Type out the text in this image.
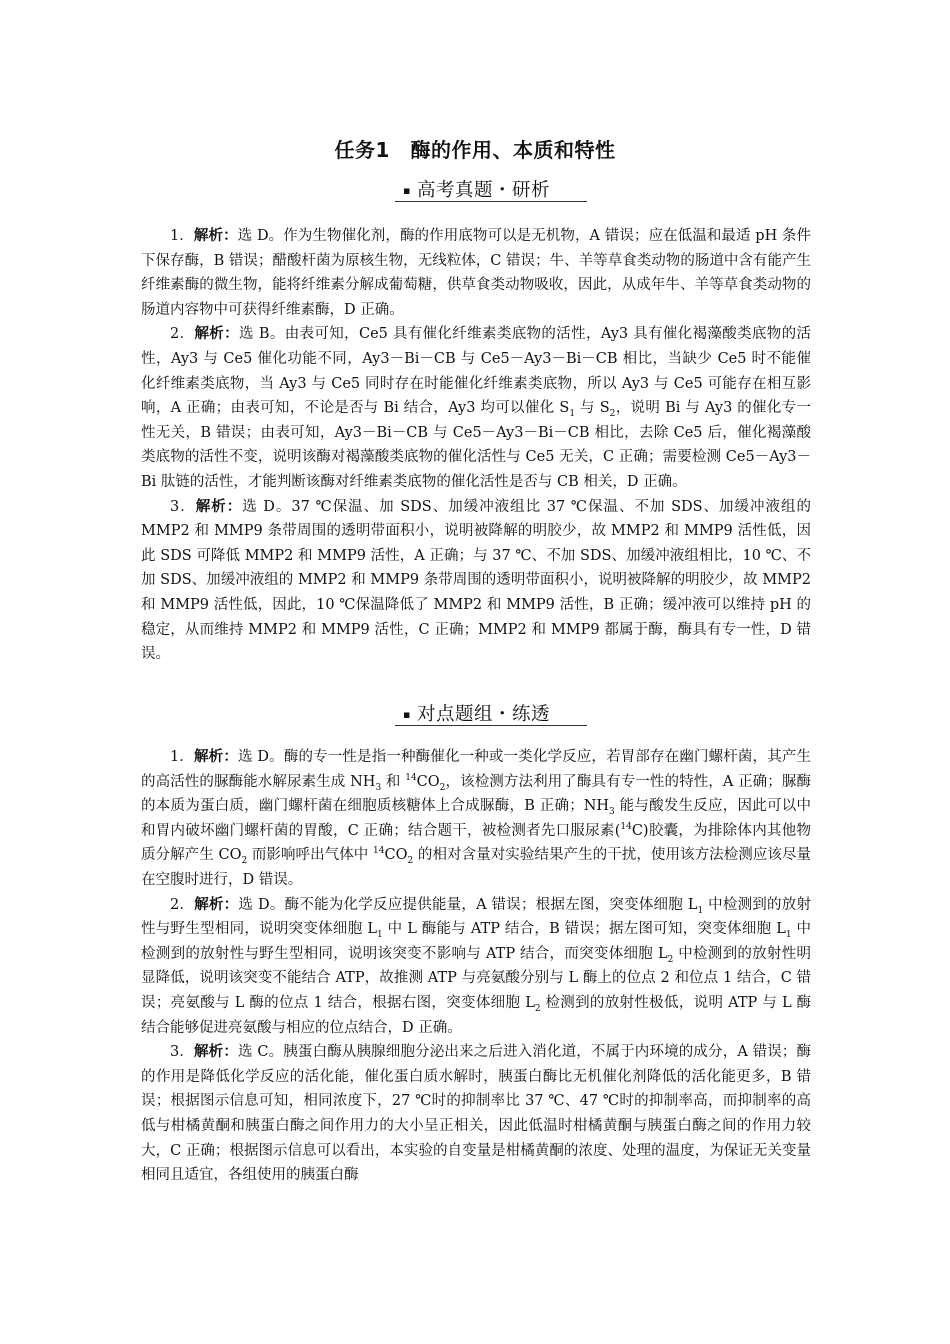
任务1　酶的作用、本质和特性
▪ 高考真题・研析

1．解析：选 D。作为生物催化剂，酶的作用底物可以是无机物，A 错误；应在低温和最适 pH 条件下保存酶，B 错误；醋酸杆菌为原核生物，无线粒体，C 错误；牛、羊等草食类动物的肠道中含有能产生纤维素酶的微生物，能将纤维素分解成葡萄糖，供草食类动物吸收，因此，从成年牛、羊等草食类动物的肠道内容物中可获得纤维素酶，D 正确。

2．解析：选 B。由表可知，Ce5 具有催化纤维素类底物的活性，Ay3 具有催化褐藻酸类底物的活性，Ay3 与 Ce5 催化功能不同，Ay3－Bi－CB 与 Ce5－Ay3－Bi－CB 相比，当缺少 Ce5 时不能催化纤维素类底物，当 Ay3 与 Ce5 同时存在时能催化纤维素类底物，所以 Ay3 与 Ce5 可能存在相互影响，A 正确；由表可知，不论是否与 Bi 结合，Ay3 均可以催化 $S_1$ 与 $S_2$，说明 Bi 与 Ay3 的催化专一性无关，B 错误；由表可知，Ay3－Bi－CB 与 Ce5－Ay3－Bi－CB 相比，去除 Ce5 后，催化褐藻酸类底物的活性不变，说明该酶对褐藻酸类底物的催化活性与 Ce5 无关，C 正确；需要检测 Ce5－Ay3－Bi 肽链的活性，才能判断该酶对纤维素类底物的催化活性是否与 CB 相关，D 正确。

3．解析：选 D。37 ℃保温、加 SDS、加缓冲液组比 37 ℃保温、不加 SDS、加缓冲液组的 MMP2 和 MMP9 条带周围的透明带面积小，说明被降解的明胶少，故 MMP2 和 MMP9 活性低，因此 SDS 可降低 MMP2 和 MMP9 活性，A 正确；与 37 ℃、不加 SDS、加缓冲液组相比，10 ℃、不加 SDS、加缓冲液组的 MMP2 和 MMP9 条带周围的透明带面积小，说明被降解的明胶少，故 MMP2 和 MMP9 活性低，因此，10 ℃保温降低了 MMP2 和 MMP9 活性，B 正确；缓冲液可以维持 pH 的稳定，从而维持 MMP2 和 MMP9 活性，C 正确；MMP2 和 MMP9 都属于酶，酶具有专一性，D 错误。

▪ 对点题组・练透

1．解析：选 D。酶的专一性是指一种酶催化一种或一类化学反应，若胃部存在幽门螺杆菌，其产生的高活性的脲酶能水解尿素生成 $NH_3$ 和 $^{14}CO_2$，该检测方法利用了酶具有专一性的特性，A 正确；脲酶的本质为蛋白质，幽门螺杆菌在细胞质核糖体上合成脲酶，B 正确；$NH_3$ 能与酸发生反应，因此可以中和胃内破坏幽门螺杆菌的胃酸，C 正确；结合题干，被检测者先口服尿素($^{14}$C)胶囊，为排除体内其他物质分解产生 $CO_2$ 而影响呼出气体中 $^{14}CO_2$ 的相对含量对实验结果产生的干扰，使用该方法检测应该尽量在空腹时进行，D 错误。

2．解析：选 D。酶不能为化学反应提供能量，A 错误；根据左图，突变体细胞 $L_1$ 中检测到的放射性与野生型相同，说明突变体细胞 $L_1$ 中 L 酶能与 ATP 结合，B 错误；据左图可知，突变体细胞 $L_1$ 中检测到的放射性与野生型相同，说明该突变不影响与 ATP 结合，而突变体细胞 $L_2$ 中检测到的放射性明显降低，说明该突变不能结合 ATP，故推测 ATP 与亮氨酸分别与 L 酶上的位点 2 和位点 1 结合，C 错误；亮氨酸与 L 酶的位点 1 结合，根据右图，突变体细胞 $L_2$ 检测到的放射性极低，说明 ATP 与 L 酶结合能够促进亮氨酸与相应的位点结合，D 正确。

3．解析：选 C。胰蛋白酶从胰腺细胞分泌出来之后进入消化道，不属于内环境的成分，A 错误；酶的作用是降低化学反应的活化能，催化蛋白质水解时，胰蛋白酶比无机催化剂降低的活化能更多，B 错误；根据图示信息可知，相同浓度下，27 ℃时的抑制率比 37 ℃、47 ℃时的抑制率高，而抑制率的高低与柑橘黄酮和胰蛋白酶之间作用力的大小呈正相关，因此低温时柑橘黄酮与胰蛋白酶之间的作用力较大，C 正确；根据图示信息可以看出，本实验的自变量是柑橘黄酮的浓度、处理的温度，为保证无关变量相同且适宜，各组使用的胰蛋白酶
